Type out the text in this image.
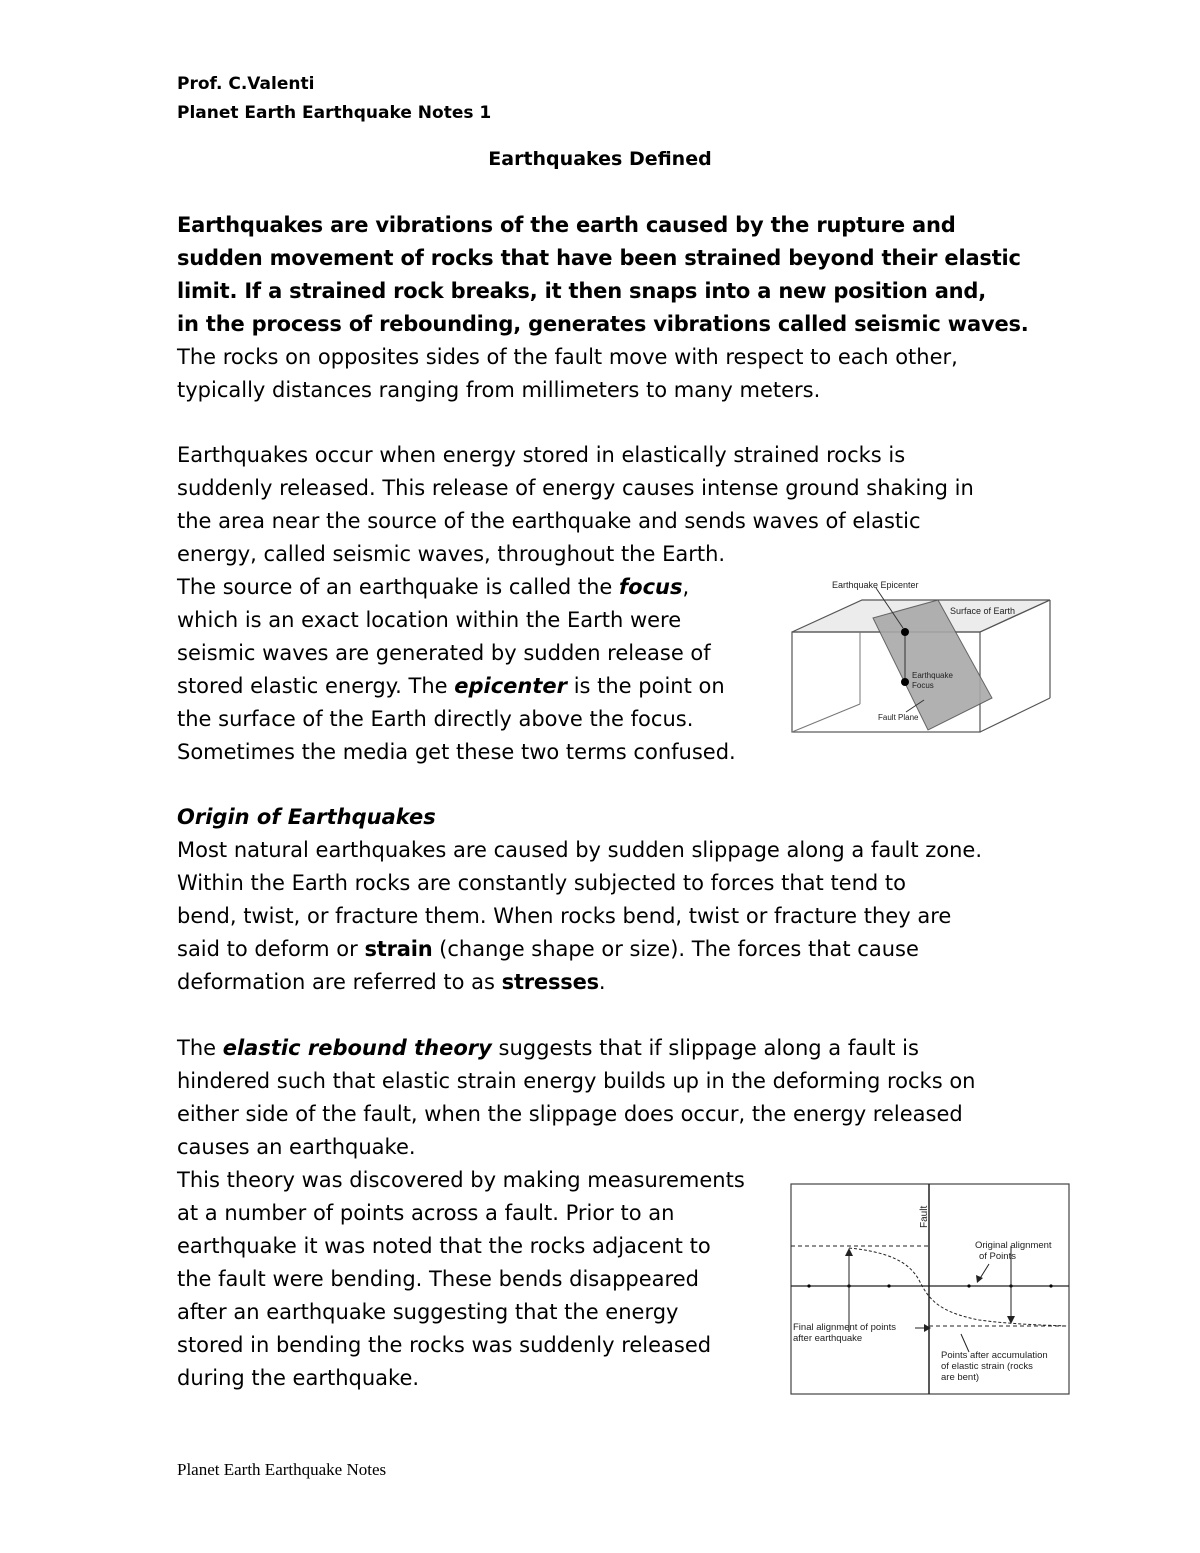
Prof. C.Valenti
Planet Earth Earthquake Notes 1
Earthquakes Defined
Earthquakes are vibrations of the earth caused by the rupture and
sudden movement of rocks that have been strained beyond their elastic
limit. If a strained rock breaks, it then snaps into a new position and,
in the process of rebounding, generates vibrations called seismic waves.
The rocks on opposites sides of the fault move with respect to each other,
typically distances ranging from millimeters to many meters.
Earthquakes occur when energy stored in elastically strained rocks is
suddenly released. This release of energy causes intense ground shaking in
the area near the source of the earthquake and sends waves of elastic
energy, called seismic waves, throughout the Earth.
The source of an earthquake is called the focus,
which is an exact location within the Earth were
seismic waves are generated by sudden release of
stored elastic energy. The epicenter is the point on
the surface of the Earth directly above the focus.
Sometimes the media get these two terms confused.
Earthquake Epicenter
Surface of Earth
Earthquake
Focus
Fault Plane
Origin of Earthquakes
Most natural earthquakes are caused by sudden slippage along a fault zone.
Within the Earth rocks are constantly subjected to forces that tend to
bend, twist, or fracture them. When rocks bend, twist or fracture they are
said to deform or strain (change shape or size). The forces that cause
deformation are referred to as stresses.
The elastic rebound theory suggests that if slippage along a fault is
hindered such that elastic strain energy builds up in the deforming rocks on
either side of the fault, when the slippage does occur, the energy released
causes an earthquake.
This theory was discovered by making measurements
at a number of points across a fault. Prior to an
earthquake it was noted that the rocks adjacent to
the fault were bending. These bends disappeared
after an earthquake suggesting that the energy
stored in bending the rocks was suddenly released
during the earthquake.
Fault
Original alignment
of Points
Final alignment of points
after earthquake
Points after accumulation
of elastic strain (rocks
are bent)
Planet Earth Earthquake Notes
